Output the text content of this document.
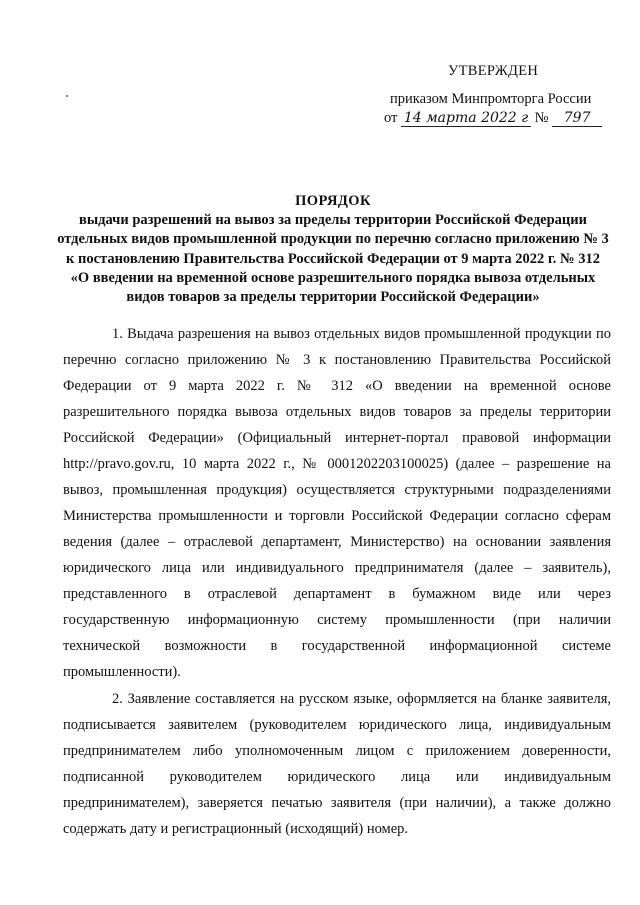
УТВЕРЖДЕН
приказом Минпромторга России
от 14 марта 2022 г № 797
ПОРЯДОК
выдачи разрешений на вывоз за пределы территории Российской Федерации отдельных видов промышленной продукции по перечню согласно приложению № 3 к постановлению Правительства Российской Федерации от 9 марта 2022 г. № 312 «О введении на временной основе разрешительного порядка вывоза отдельных видов товаров за пределы территории Российской Федерации»

1. Выдача разрешения на вывоз отдельных видов промышленной продукции по перечню согласно приложению № 3 к постановлению Правительства Российской Федерации от 9 марта 2022 г. № 312 «О введении на временной основе разрешительного порядка вывоза отдельных видов товаров за пределы территории Российской Федерации» (Официальный интернет-портал правовой информации http://pravo.gov.ru, 10 марта 2022 г., № 0001202203100025) (далее – разрешение на вывоз, промышленная продукция) осуществляется структурными подразделениями Министерства промышленности и торговли Российской Федерации согласно сферам ведения (далее – отраслевой департамент, Министерство) на основании заявления юридического лица или индивидуального предпринимателя (далее – заявитель), представленного в отраслевой департамент в бумажном виде или через государственную информационную систему промышленности (при наличии технической возможности в государственной информационной системе промышленности).

2. Заявление составляется на русском языке, оформляется на бланке заявителя, подписывается заявителем (руководителем юридического лица, индивидуальным предпринимателем либо уполномоченным лицом с приложением доверенности, подписанной руководителем юридического лица или индивидуальным предпринимателем), заверяется печатью заявителя (при наличии), а также должно содержать дату и регистрационный (исходящий) номер.
